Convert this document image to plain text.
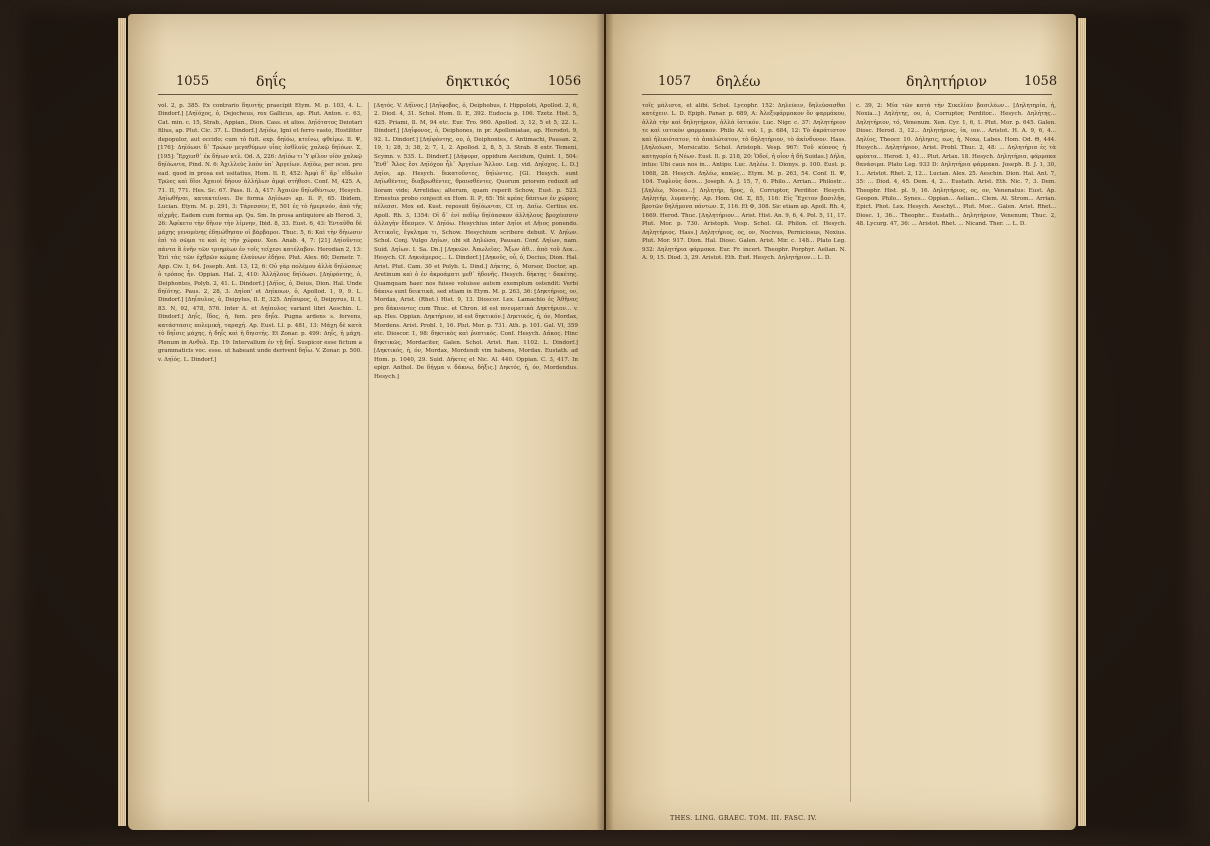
1055	δηΐς	δηκτικός	1056
vol. 2, p. 385. Ex contrario δηιοτής praecipit Etym. M. p. 103, 4. L. Dindorf.] [Δηϊόχος, ὁ, Dejocheus, rex Gallicus, ap. Plut. Anton. c. 63, Cat. min. c. 15, Strab., Appian., Dion. Cass. et alios. Δηϊότατος Deiotari filius, ap. Plut. Cic. 37. L. Dindorf.] Δηϊόω, Igni et ferro vasto, Hostiliter depopulor, aut occido; cum τὸ fuit. exp. δηϊόω, κτείνω, φθείρω. Il. Ψ, [176]: Δηϊόωσι δ᾽ Τρώων μεγαθύμων υἷας ἐσθλούς χαλκῷ δηϊόων. Σ, [195]: Ἔρχεσθ᾽ ἐκ δήιων κτλ. Od. Δ, 226: Δηϊόω τι Ὑ φίλον υἱὸν χαλκῷ δηϊόωντα, Pind. N. 6: Ἀχιλλεὺς λαὸν ὑπ᾽ Ἀργείων. Δηϊόω, per ocsα. pro ead. quod in prosa est usitatius, Hom. Il. Ε, 452: Ἀμφὶ δ᾽ ἄρ᾽ εἴδωλο Τρῶες καὶ δῖοι Ἀχαιοὶ δήουν ἀλλήλων ἀμφὶ στήθεσι. Conf. Μ, 425. Α, 71. Π, 771. Hes. Sc. 67. Pass. Il. Δ, 417: Ἀχαιῶν δηϊωθέντων, Hesych. Δηϊωθῆναι, κατακτείναι. De forma Δηϊόωσι ap. Il. Ρ, 65. Ibidem, Lucian. Etym. M. p. 291, 3: Τάρεσσεν; Ε, 501 ἐς τὸ ἡμερινόν, ἀπὸ τῆς αἰχμῆς. Eadem cum forma ap. Qu. Sm. In prosa antiquiore ab Herod. 3, 26: Ἀφίκετο τὴν δῆιον τὴν λίμνην, Ibid. 8, 33. Eust. 6, 43: Ἐνταῦθα δὲ μάχης γενομένης ἐδηιώθησαν οἱ βάρβαροι. Thuc. 5, 6: Καὶ τὴν δήιωσιν ἐπὶ τὸ σῶμα τε καὶ ἐς τὴν χώραν. Xen. Anab. 4, 7: [21] Δηϊοῦντες πάντα ἃ ἐνῆν τῶν τριηρέων ἐν τοῖς τείχεσι κατέλαβον. Herodian 2, 13: Ἐπὶ τὰς τῶν ἐχθρῶν κώμας ἐλαύνων ἐδῄου. Plut. Alex. 60; Demetr. 7. App. Civ. 1, 64. Joseph. Ant. 13, 12, 6: Οὐ γὰρ πολέμου ἀλλὰ δηϊώσεως ὁ τρόπος ἦν. Oppian. Hal. 2, 410: Ἀλλήλους δηϊόωσι. [Δηϊφόντης, ὁ, Deiphontes, Polyb. 2, 41. L. Dindorf.] [Δήϊος, ὁ, Deius, Dion. Hal. Unde δηϊότης. Paus. 2, 28, 3. Δηίοπ' et Δηίκοων, ὁ, Apollod. 1, 9, 9. L. Dindorf.] [Δηΐπυλος, ὁ, Deipylus, Il. Ε, 325. Δηΐπυρος, ὁ, Deipyrus, Il. Ι, 83. Ν, 92, 478, 576. Inter Δ. et Δηίπυλος variant libri Aeschin. L. Dindorf.] Δηΐς, ἴδος, ἡ, fem. pro δηΐα. Pugna ardens s. fervens, κατάστασις πολεμικὴ, ταραχή. Ap. Eust. Ll. p. 481, 13: Μάχη δὲ κατὰ τὸ δηΐσις μάχης, ἡ δηΐς καὶ ἡ δηιοτής. Et Zonar. p. 499: Δηΐς, ἡ μάχη. Plenum in Ανθολ. Ep. 19: Intervallum ἐν τῇ δηΐ. Suspicor esse fictum a grammaticis voc. esse. ut habeant unde derivent δηΐω. V. Zonar. p. 500. v. Δηϊός. L. Dindorf.]
[Δητός. V. Δήϊνος.] [Δηΐφοβος, ὁ, Deiphobus, f. Hippoloti, Apollod. 2, 6, 2. Diod. 4, 31. Schol. Hom. Il. Ε, 392. Eudocia p. 106. Tzetz. Hist. 5, 425. Priami, Il. Μ, 94 etc. Eur. Tro. 960. Apollod. 3, 12, 5 et 5, 22. L. Dindorf.] [Δηΐφονος, ὁ, Deiphones, in pr. Apolloniatae, ap. Herodot. 9, 92. L. Dindorf.] [Δηϊφόντης, ου, ὁ, Deiphontes, f. Antimachi, Pausan. 2, 19, 1; 28, 3; 38, 2; 7, 1, 2. Apollod. 2, 8, 5, 3. Strab. 8 extr. Temeni, Scymn. v. 535. L. Dindorf.] [Δήφυρσ, oppidum Aecidum, Quint. 1, 504: Ἔνθ᾽ Ἄλος ἔσι Δηϊόχοο ἦλ᾽ Ἀργείων Ἄλλον. Leg. vid. Δηϊοχος. L. D.] Δηίοι, ap. Hesych. δεκατοῦντες, δηϊώντες. [Gl. Hesych. sunt Δηϊωθέντες, διαβρωθέντες, θραυσθέντες. Quorum priorem reduxit ad lioram vide; Arrelidas; alterum, quam reperit Schow, Eust. p. 523. Ernestus probo conjecit ex Hom. Il. Ρ, 65: Ἠὲ κρέας δάπτων ἐν χώροις πέλεσσι. Mox ed. Kust. reposuit δηϊόωνται, Cf. ιη. Δαίω. Certius ex. Apoll. Rh. 3, 1354: Οἱ δ᾽ ἐνὶ πεδίῳ δηϊάασκον ἀλλήλους βροχέεσσιν ἀλλαγὴν ἔδεσμεν. V. Δηϊόω. Hesychius inter Δηίοι et Δῆιος ponendo. Ἀττικοῖς, ἔγκλημα τι, Schow. Hesychium scribere debuit. V. Δηίων. Schol. Conj. Vulgo Δηίων, ubi sit Δηλῶσα, Pausan. Conf. Δηίων, nam. Suid. Δηίων. I. Sa. Dn.] [Δηκιῶν. Ἀπωλεῖας. Ἄξων ᾶθ... ἀπὸ τοῦ Δεκ... Hesych. Cf. Δηκιάμερος... L. Dindorf.] [Δηκοῦς, οὖ, ὁ, Decius, Dion. Hal. Arist. Plut. Cam. 30 et Polyb. L. Dind.] Δήκτης, ὁ, Morsor, Doctor, ap. Aretinum καὶ ὁ ἐν ἀκροάματι μεθ᾽ ἡδονῆς. Hesych. δήκτης · δακέτης. Quamquam haec nos fuisse voluisse autem exemplum ostendit: Verbi δάκνω sunt δεικτικὰ, sed etiam in Etym. M. p. 263, 36: [Δηκτήριος, ον, Mordax, Arist. (Rhet.) Hist. 9, 13. Dioscor. Lex. Lamachio ἐς Ἀθῆνας pro δάκνοντες cum Thuc. et Chron. id est πνευματικὰ Δηκτήριον... v. ap. Hes. Oppian. Δηκτήριον, id est δηκτικόν.] Δηκτικός, ή, όν, Mordax, Mordens. Arist. Probl. 1, 16. Plut. Mor. p. 731. Ath. p. 101. Gal. VI, 359 etc. Dioscor. 1, 98: δηκτικὸς καὶ ῥυπτικός. Conf. Hesych. Δάκος. Hinc δηκτικῶς, Mordaciter, Galen. Schol. Arist. Ran. 1102. L. Dindorf.] [Δηκτικός, ή, όν, Mordax, Mordendi vim habens, Mordax. Eustath. ad Hom. p. 1040, 29. Suid. Δῆκτες et Nic. Al. 440. Oppian. C. 3, 417. In epigr. Anthol. De δήγμα v. δάκνω, δήξις.] Δηκτός, ή, όν, Mordendus. Hesych.]
1057 δηλέω	δηλητήριον	1058
τοῖς μάλιστα, et alibi. Schol. Lycophr. 152: Δηλεύειν, δηλεύσασθαι κατέχειν. L. D. Epiph. Panar. p. 689, A: Ἀλεξιφάρμακον ὄν φαρμάκου, ἀλλὰ τὴν καὶ δηλητήριον, ἀλλὰ ἰατικόν. Luc. Nigr. c. 37: Δηλητήριον τε καὶ ιατικὸν φαρμακον. Philo Al. vol. 1, p. 684, 12: Τὸ ἀκράτιστον καὶ ἡλικιότατον, τὸ ἀπαλώτατον, τὸ δηλητήριον, τὸ ἀκίνδυνον. Hass. [Δηλεόωσι, Morsicatio. Schol. Aristoph. Vesp. 967: Τοῦ κύονος ἡ κατηγορία ἡ Νέων. Eust. Il. p. 218, 20: Ὁδοί, ἡ οἷον ἡ δὴ Suidas.] Δήλα, intus: Ubi caus nos in... Antipo. Luc. Δηλέω. 1. Dionys. p. 100. Eust. p. 1068, 28. Hesych. Δηλέω, κακῶς... Etym. M. p. 263, 54. Conf. Il. Ψ, 104. Τυφλοὺς ὅσοι... Joseph. A. J. 15, 7, 6. Philo... Arrian... Philostr... [Δηλέω, Noceo...] Δηλητήρ, ῆρος, ὁ, Corruptor, Perditor. Hesych. Δηλητήρ, λυμαντής. Ap. Hom. Od. Σ, 85, 116: Εἰς Ἔχετον βασιλῆα, βροτῶν δηλήμονα πάντων. Σ, 116. Et Φ, 308. Sic etiam ap. Apoll. Rh. 4, 1669. Herod. Thuc. [Δηλητήριον... Arist. Hist. An. 9, 6, 4. Pol. 5, 11, 17. Plut. Mor. p. 730. Aristoph. Vesp. Schol. Gl. Philon. cf. Hesych. Δηλητήριος. Hass.] Δηλητήριος, ος, ον, Nocivus, Perniciosus, Noxius. Plut. Mor. 917. Dion. Hal. Diosc. Galen. Arist. Mir. c. 148... Plato Leg. 932: Δηλητήρια φάρμακα. Eur. Fr. incert. Theophr. Porphyr. Aelian. N. A. 9, 15. Diod. 3, 29. Aristot. Eth. Eud. Hesych. Δηλητήριον... L. D.
c. 39, 2: Μία τῶν κατὰ τὴν Σικελίαν βασιλέων... [Δηλητηρία, ἡ, Noxia...] Δηλήτης, ου, ὁ, Corruptor, Perditor... Hesych. Δηλήτης... Δηλητήριον, τό, Venenum. Xen. Cyr. 1, 6, 1. Plut. Mor. p. 645. Galen. Diosc. Herod. 3, 12... Δηλητήριος, ία, ιον... Aristot. H. A. 9, 6, 4... Δηλίος, Theocr. 10. Δήλησις, εως, ἡ, Noxa, Labes. Hom. Od. Θ, 444. Hesych... Δηλητήριον, Arist. Probl. Thuc. 2, 48: ... Δηλητήρια ἐς τὰ φρέατα... Herod. 1, 41... Plut. Artax. 18. Hesych. Δηλητήρια, φάρμακα θανάσιμα. Plato Leg. 933 D: Δηλητήρια φάρμακα. Joseph. B. J. 1, 30, 1... Aristot. Rhet. 2, 12... Lucian. Alex. 25. Aeschin. Dion. Hal. Ant. 7, 35: ... Diod. 4, 45. Dem. 4, 2... Eustath. Arist. Eth. Nic. 7, 3. Dem. Theophr. Hist. pl. 9, 16. Δηλητήριος, ος, ον, Venenatus: Eust. Ap. Geopon. Philo... Synes... Oppian... Aelian... Clem. Al. Strom... Arrian. Epict. Phot. Lex. Hesych. Aeschyl... Plut. Mor... Galen. Arist. Rhet... Diosc. 1, 36... Theophr... Eustath... Δηλητήριον, Venenum; Thuc. 2, 48. Lycurg. 47, 36: ... Aristot. Rhet. ... Nicand. Ther. ... L. D.
THES. LING. GRAEC. TOM. III. FASC. IV.
